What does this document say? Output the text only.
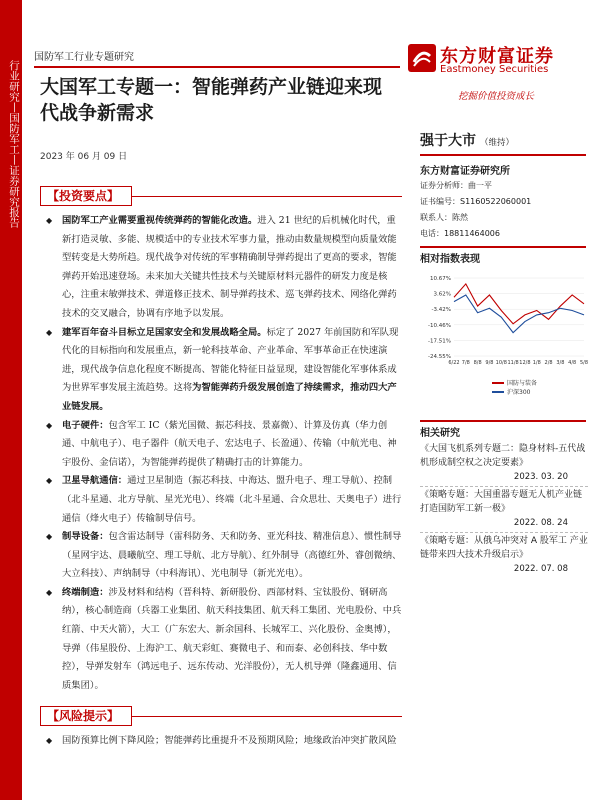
行业研究丨国防军工丨证券研究报告
国防军工行业专题研究	东方财富证券
Eastmoney Securities
挖掘价值投资成长
大国军工专题一：智能弹药产业链迎来现代战争新需求
2023 年 06 月 09 日
强于大市 （维持）
东方财富证券研究所
证券分析师：曲一平
证书编号：S1160522060001
联系人：陈然
电话：18811464006
相对指数表现
10.67%
3.62%
-3.42%
-10.46%
-17.51%
-24.55%
6/22 7/8 8/8 9/8 10/8 11/8 12/8 1/8 2/8 3/8 4/8 5/8
国防与装备
沪深300
相关研究
《大国飞机系列专题二：隐身材料-五代战机形成制空权之决定要素》
2023. 03. 20
《策略专题：大国重器专题无人机产业链打造国防军工新一极》
2022. 08. 24
《策略专题：从俄乌冲突对 A 股军工 产业链带来四大技术升级启示》
2022. 07. 08
【投资要点】
◆ 国防军工产业需要重视传统弹药的智能化改造。进入 21 世纪的后机械化时代，重新打造灵敏、多能、规模适中的专业技术军事力量，推动由数量规模型向质量效能型转变是大势所趋。现代战争对传统的军事精确制导弹药提出了更高的要求，智能弹药开始迅速登场。未来加大关键共性技术与关键原材料元器件的研发力度是核心，注重末敏弹技术、弹道修正技术、制导弹药技术、巡飞弹药技术、网络化弹药技术的交叉融合，协调有序地予以发展。
◆ 建军百年奋斗目标立足国家安全和发展战略全局。标定了 2027 年前国防和军队现代化的目标指向和发展重点，新一轮科技革命、产业革命、军事革命正在快速演进，现代战争信息化程度不断提高、智能化特征日益显现，建设智能化军事体系成为世界军事发展主流趋势。这将为智能弹药升级发展创造了持续需求，推动四大产业链发展。
◆ 电子硬件：包含军工 IC（紫光国微、振芯科技、景嘉微）、计算及仿真（华力创通、中航电子）、电子器件（航天电子、宏达电子、长盈通）、传输（中航光电、神宇股份、金信诺），为智能弹药提供了精确打击的计算能力。
◆ 卫星导航通信：通过卫星制造（振芯科技、中海达、盟升电子、理工导航）、控制（北斗星通、北方导航、星光光电）、终端（北斗星通、合众思壮、天奥电子）进行通信（烽火电子）传输制导信号。
◆ 制导设备：包含雷达制导（雷科防务、天和防务、亚光科技、精准信息）、惯性制导（星网宇达、晨曦航空、理工导航、北方导航）、红外制导（高德红外、睿创微纳、大立科技）、声纳制导（中科海讯）、光电制导（新光光电）。
◆ 终端制造：涉及材料和结构（晋科特、新研股份、西部材料、宝钛股份、钢研高纳），核心制造商（兵器工业集团、航天科技集团、航天科工集团、光电股份、中兵红箭、中天火箭），大工（广东宏大、新余国科、长城军工、兴化股份、金奥博），导弹（伟星股份、上海沪工、航天彩虹、赛微电子、和而泰、必创科技、华中数控），导弹发射车（鸿远电子、远东传动、光洋股份），无人机导弹（隆鑫通用、信质集团）。
【风险提示】
◆ 国防预算比例下降风险；智能弹药比重提升不及预期风险；地缘政治冲突扩散风险
